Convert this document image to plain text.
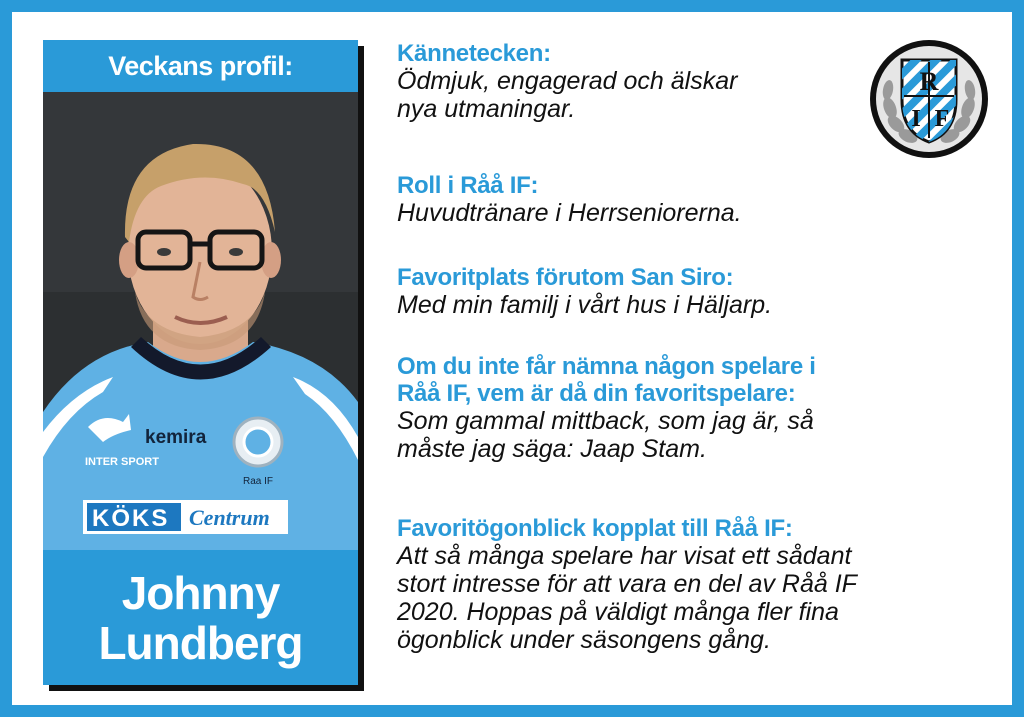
Veckans profil:
KÖKS Centrum
kemira
INTER SPORT
Raa IF
Johnny
Lundberg
R
I F
Kännetecken:
Ödmjuk, engagerad och älskar
nya utmaningar.
Roll i Råå IF:
Huvudtränare i Herrseniorerna.
Favoritplats förutom San Siro:
Med min familj i vårt hus i Häljarp.
Om du inte får nämna någon spelare i
Råå IF, vem är då din favoritspelare:
Som gammal mittback, som jag är, så
måste jag säga: Jaap Stam.
Favoritögonblick kopplat till Råå IF:
Att så många spelare har visat ett sådant
stort intresse för att vara en del av Råå IF
2020. Hoppas på väldigt många fler fina
ögonblick under säsongens gång.
